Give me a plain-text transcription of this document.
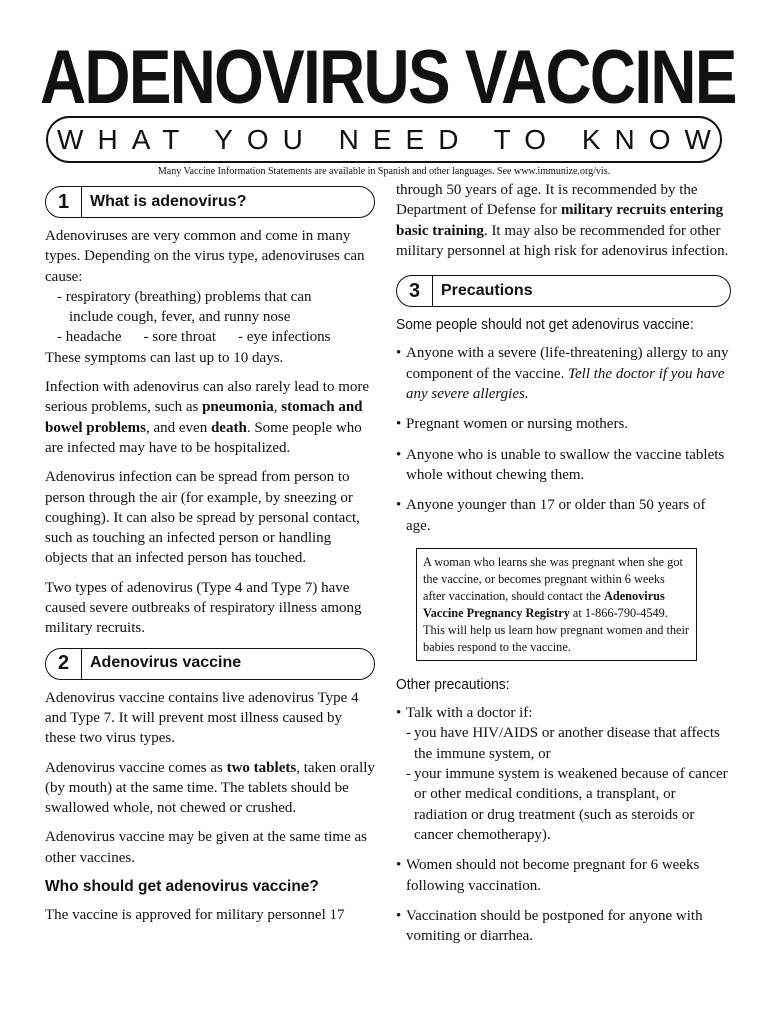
ADENOVIRUS VACCINE
WHAT YOU NEED TO KNOW
Many Vaccine Information Statements are available in Spanish and other languages. See www.immunize.org/vis.
1	What is adenovirus?
Adenoviruses are very common and come in many types. Depending on the virus type, adenoviruses can cause:
- respiratory (breathing) problems that can
include cough, fever, and runny nose
- headache - sore throat - eye infections

These symptoms can last up to 10 days.

Infection with adenovirus can also rarely lead to more serious problems, such as pneumonia, stomach and bowel problems, and even death. Some people who are infected may have to be hospitalized.

Adenovirus infection can be spread from person to person through the air (for example, by sneezing or coughing). It can also be spread by personal contact, such as touching an infected person or handling objects that an infected person has touched.

Two types of adenovirus (Type 4 and Type 7) have caused severe outbreaks of respiratory illness among military recruits.

2	Adenovirus vaccine

Adenovirus vaccine contains live adenovirus Type 4 and Type 7. It will prevent most illness caused by these two virus types.

Adenovirus vaccine comes as two tablets, taken orally (by mouth) at the same time. The tablets should be swallowed whole, not chewed or crushed.

Adenovirus vaccine may be given at the same time as other vaccines.

Who should get adenovirus vaccine?
The vaccine is approved for military personnel 17

through 50 years of age. It is recommended by the Department of Defense for military recruits entering basic training. It may also be recommended for other military personnel at high risk for adenovirus infection.

3	Precautions
Some people should not get adenovirus vaccine:
• Anyone with a severe (life-threatening) allergy to any component of the vaccine. Tell the doctor if you have any severe allergies.
• Pregnant women or nursing mothers.
• Anyone who is unable to swallow the vaccine tablets whole without chewing them.
• Anyone younger than 17 or older than 50 years of age.
A woman who learns she was pregnant when she got the vaccine, or becomes pregnant within 6 weeks after vaccination, should contact the Adenovirus Vaccine Pregnancy Registry at 1-866-790-4549. This will help us learn how pregnant women and their babies respond to the vaccine.
Other precautions:
• Talk with a doctor if:
- you have HIV/AIDS or another disease that affects the immune system, or
- your immune system is weakened because of cancer or other medical conditions, a transplant, or radiation or drug treatment (such as steroids or cancer chemotherapy).
• Women should not become pregnant for 6 weeks following vaccination.
• Vaccination should be postponed for anyone with vomiting or diarrhea.
